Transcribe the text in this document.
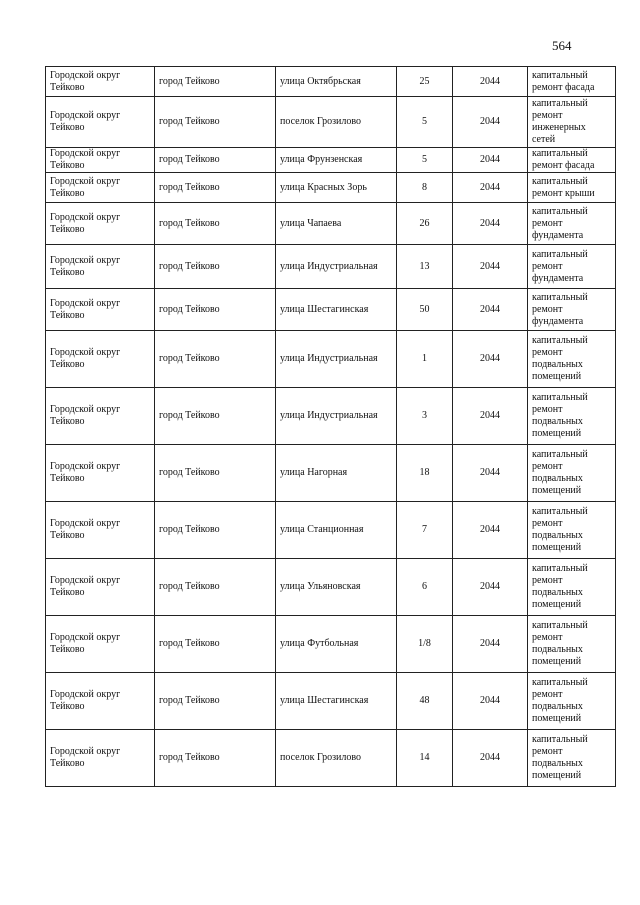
564
Городской округ
Тейково	город Тейково	улица Октябрьская	25	2044	капитальный
ремонт фасада

Городской округ
Тейково	город Тейково	поселок Грозилово	5	2044	капитальный
ремонт
инженерных
сетей

Городской округ
Тейково	город Тейково	улица Фрунзенская	5	2044	капитальный
ремонт фасада

Городской округ
Тейково	город Тейково	улица Красных Зорь	8	2044	капитальный
ремонт крыши

Городской округ
Тейково	город Тейково	улица Чапаева	26	2044	капитальный
ремонт
фундамента

Городской округ
Тейково	город Тейково	улица Индустриальная	13	2044	капитальный
ремонт
фундамента

Городской округ
Тейково	город Тейково	улица Шестагинская	50	2044	капитальный
ремонт
фундамента

Городской округ
Тейково	город Тейково	улица Индустриальная	1	2044	капитальный
ремонт
подвальных
помещений

Городской округ
Тейково	город Тейково	улица Индустриальная	3	2044	капитальный
ремонт
подвальных
помещений

Городской округ
Тейково	город Тейково	улица Нагорная	18	2044	капитальный
ремонт
подвальных
помещений

Городской округ
Тейково	город Тейково	улица Станционная	7	2044	капитальный
ремонт
подвальных
помещений

Городской округ
Тейково	город Тейково	улица Ульяновская	6	2044	капитальный
ремонт
подвальных
помещений

Городской округ
Тейково	город Тейково	улица Футбольная	1/8	2044	капитальный
ремонт
подвальных
помещений

Городской округ
Тейково	город Тейково	улица Шестагинская	48	2044	капитальный
ремонт
подвальных
помещений

Городской округ
Тейково	город Тейково	поселок Грозилово	14	2044	капитальный
ремонт
подвальных
помещений
